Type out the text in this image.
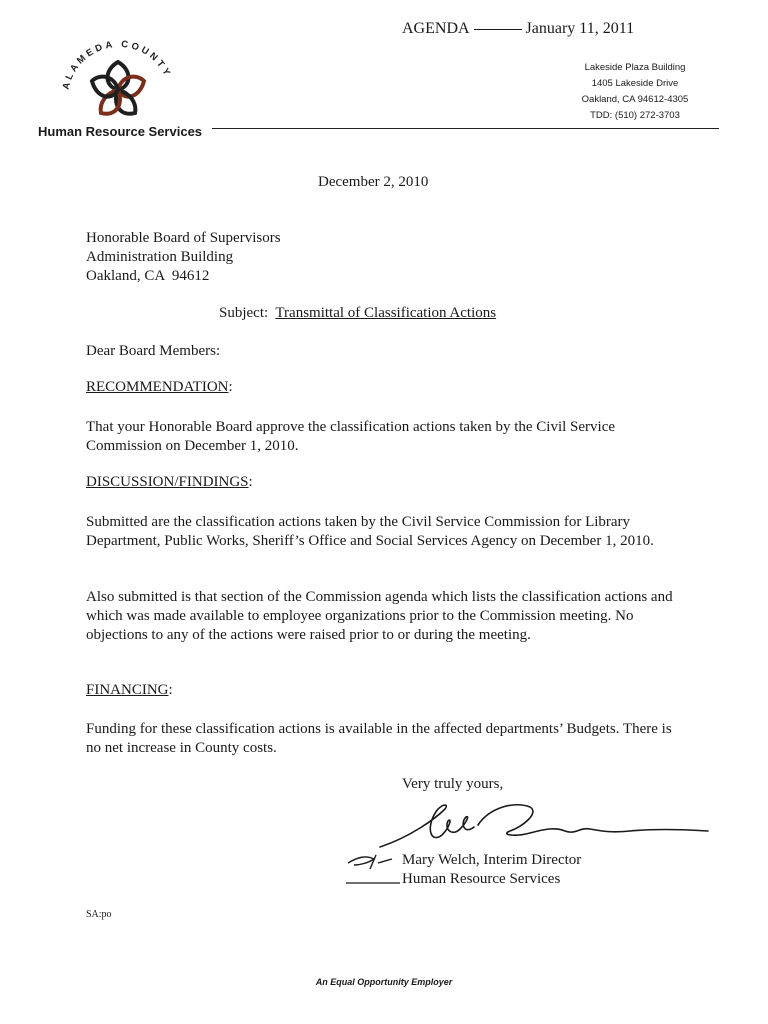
AGENDA	January 11, 2011
ALAMEDA COUNTY
Human Resource Services
Lakeside Plaza Building
1405 Lakeside Drive
Oakland, CA 94612-4305
TDD: (510) 272-3703
December 2, 2010
Honorable Board of Supervisors
Administration Building
Oakland, CA  94612
Subject: Transmittal of Classification Actions
Dear Board Members:
RECOMMENDATION:
That your Honorable Board approve the classification actions taken by the Civil Service Commission on December 1, 2010.
DISCUSSION/FINDINGS:
Submitted are the classification actions taken by the Civil Service Commission for Library Department, Public Works, Sheriff’s Office and Social Services Agency on December 1, 2010.
Also submitted is that section of the Commission agenda which lists the classification actions and which was made available to employee organizations prior to the Commission meeting. No objections to any of the actions were raised prior to or during the meeting.
FINANCING:
Funding for these classification actions is available in the affected departments’ Budgets. There is no net increase in County costs.
Very truly yours,
Mary Welch, Interim Director
Human Resource Services
SA:po
An Equal Opportunity Employer
